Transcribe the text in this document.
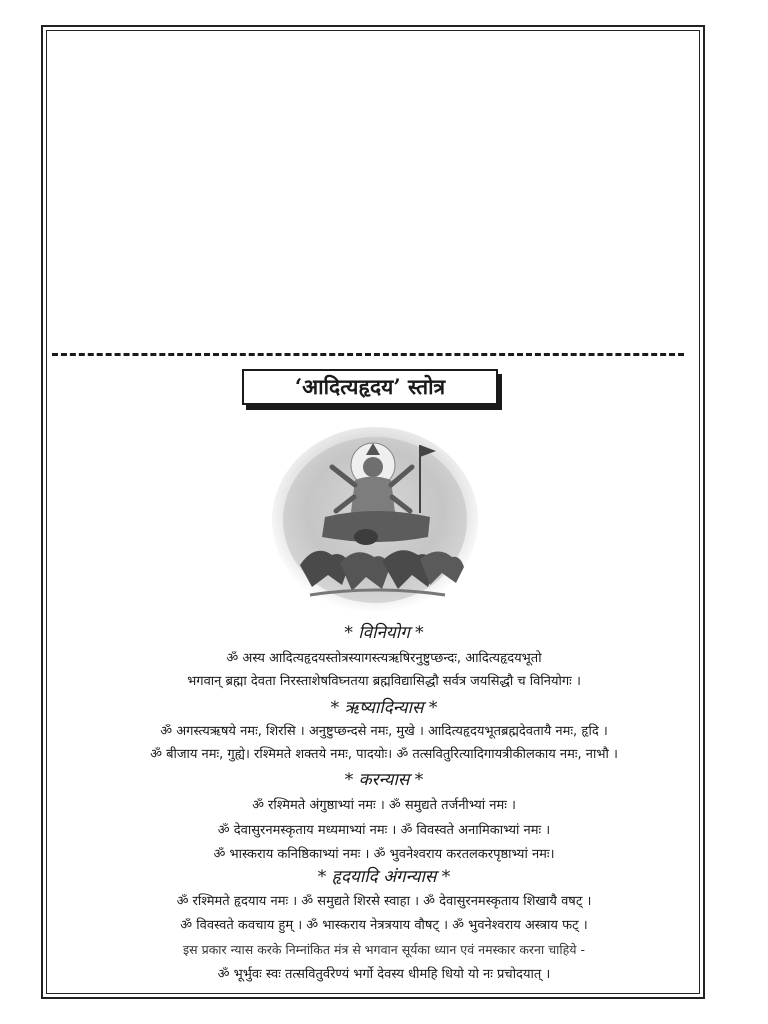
‘आदित्यहृदय’ स्तोत्र
* विनियोग *
ॐ अस्य आदित्यहृदयस्तोत्रस्यागस्त्यऋषिरनुष्टुप्छन्दः, आदित्यहृदयभूतो
भगवान् ब्रह्मा देवता निरस्ताशेषविघ्नतया ब्रह्मविद्यासिद्धौ सर्वत्र जयसिद्धौ च विनियोगः ।
* ऋष्यादिन्यास *
ॐ अगस्त्यऋषये नमः, शिरसि । अनुष्टुप्छन्दसे नमः, मुखे । आदित्यहृदयभूतब्रह्मदेवतायै नमः, हृदि ।
ॐ बीजाय नमः, गुह्ये। रश्मिमते शक्तये नमः, पादयोः। ॐ तत्सवितुरित्यादिगायत्रीकीलकाय नमः, नाभौ ।
* करन्यास *
ॐ रश्मिमते अंगुष्ठाभ्यां नमः । ॐ समुद्यते तर्जनीभ्यां नमः ।
ॐ देवासुरनमस्कृताय मध्यमाभ्यां नमः । ॐ विवस्वते अनामिकाभ्यां नमः ।
ॐ भास्कराय कनिष्ठिकाभ्यां नमः । ॐ भुवनेश्वराय करतलकरपृष्ठाभ्यां नमः।
* हृदयादि अंगन्यास *
ॐ रश्मिमते हृदयाय नमः । ॐ समुद्यते शिरसे स्वाहा । ॐ देवासुरनमस्कृताय शिखायै वषट् ।
ॐ विवस्वते कवचाय हुम् । ॐ भास्कराय नेत्रत्रयाय वौषट् । ॐ भुवनेश्वराय अस्त्राय फट् ।
इस प्रकार न्यास करके निम्नांकित मंत्र से भगवान सूर्यका ध्यान एवं नमस्कार करना चाहिये -
ॐ भूर्भुवः स्वः तत्सवितुर्वरेण्यं भर्गो देवस्य धीमहि धियो यो नः प्रचोदयात् ।
